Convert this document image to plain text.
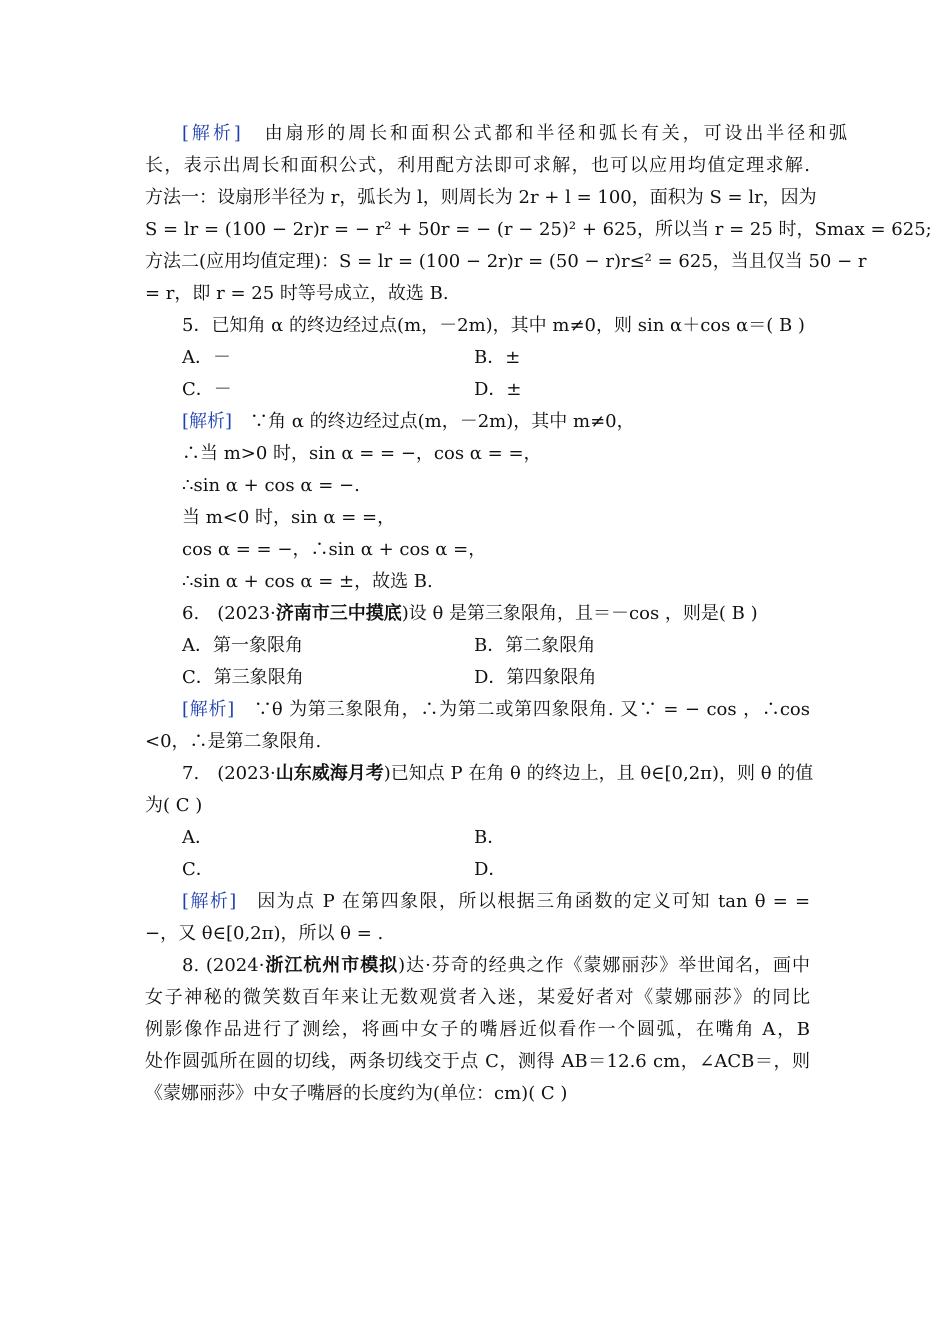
[解析]　 由扇形的周长和面积公式都和半径和弧长有关，可设出半径和弧
长，表示出周长和面积公式，利用配方法即可求解，也可以应用均值定理求解.
方法一：设扇形半径为 r，弧长为 l，则周长为 2r + l = 100，面积为 S = lr，因为
S = lr = (100 − 2r)r = − r² + 50r = − (r − 25)² + 625，所以当 r = 25 时，Smax = 625;
方法二(应用均值定理)：S = lr = (100 − 2r)r = (50 − r)r≤² = 625，当且仅当 50 − r
= r，即 r = 25 时等号成立，故选 B.
5．已知角 α 的终边经过点(m，－2m)，其中 m≠0，则 sin α＋cos α＝( B )
A．－	B．±
C．－	D．±
[解析]　 ∵角 α 的终边经过点(m，－2m)，其中 m≠0，
∴当 m>0 时，sin α = = −，cos α = =，
∴sin α + cos α = −.
当 m<0 时，sin α = =，
cos α = = −，∴sin α + cos α =，
∴sin α + cos α = ±，故选 B.
6.　 (2023·济南市三中摸底)设 θ 是第三象限角，且＝－cos ，则是( B )
A．第一象限角	B．第二象限角
C．第三象限角	D．第四象限角
[解析]　 ∵θ 为第三象限角，∴为第二或第四象限角. 又∵ = − cos ，∴cos
<0，∴是第二象限角.
7.　 (2023·山东威海月考)已知点 P 在角 θ 的终边上，且 θ∈[0,2π)，则 θ 的值
为( C )
A．	B．
C．	D．
[解析]　 因为点 P 在第四象限，所以根据三角函数的定义可知 tan θ = =
−，又 θ∈[0,2π)，所以 θ = .
8. (2024·浙江杭州市模拟)达·芬奇的经典之作《蒙娜丽莎》举世闻名，画中
女子神秘的微笑数百年来让无数观赏者入迷，某爱好者对《蒙娜丽莎》的同比
例影像作品进行了测绘，将画中女子的嘴唇近似看作一个圆弧，在嘴角 A，B
处作圆弧所在圆的切线，两条切线交于点 C，测得 AB＝12.6 cm，∠ACB＝，则
《蒙娜丽莎》中女子嘴唇的长度约为(单位：cm)( C )
